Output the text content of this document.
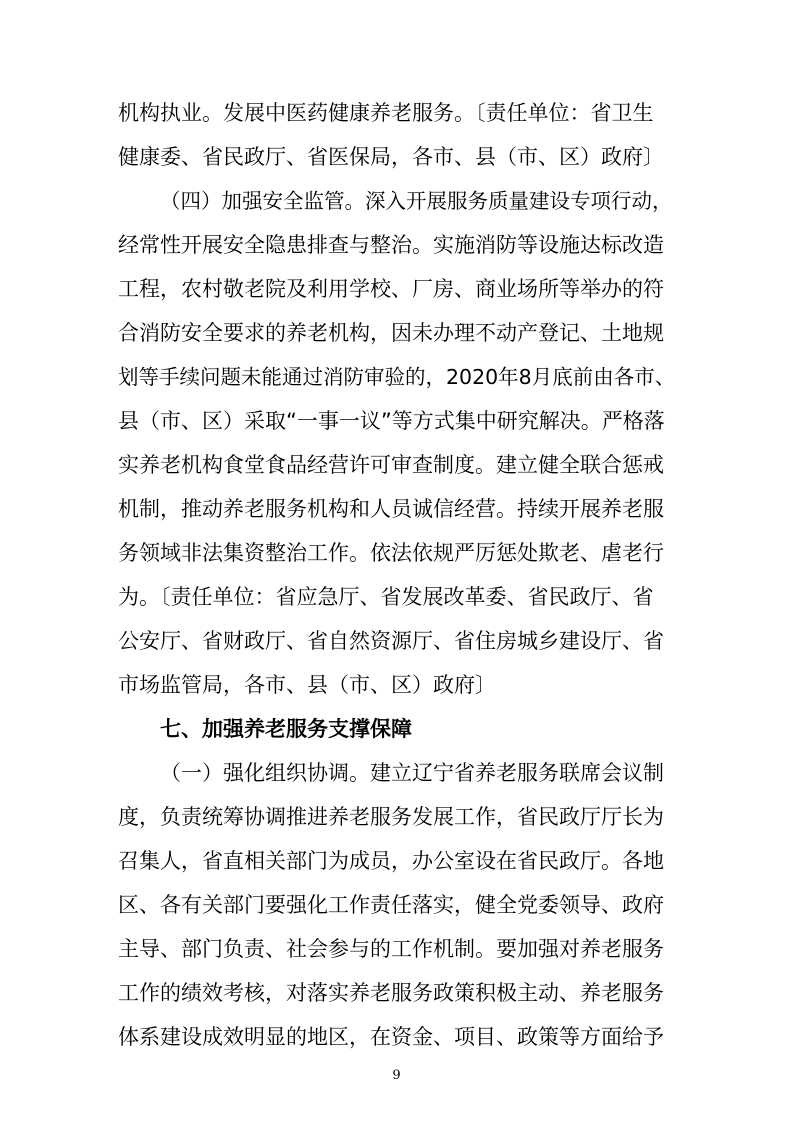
机构执业。发展中医药健康养老服务。〔责任单位：省卫生
健康委、省民政厅、省医保局，各市、县（市、区）政府〕
（四）加强安全监管。深入开展服务质量建设专项行动，
经常性开展安全隐患排查与整治。实施消防等设施达标改造
工程，农村敬老院及利用学校、厂房、商业场所等举办的符
合消防安全要求的养老机构，因未办理不动产登记、土地规
划等手续问题未能通过消防审验的，2020年8月底前由各市、
县（市、区）采取“一事一议”等方式集中研究解决。严格落
实养老机构食堂食品经营许可审查制度。建立健全联合惩戒
机制，推动养老服务机构和人员诚信经营。持续开展养老服
务领域非法集资整治工作。依法依规严厉惩处欺老、虐老行
为。〔责任单位：省应急厅、省发展改革委、省民政厅、省
公安厅、省财政厅、省自然资源厅、省住房城乡建设厅、省
市场监管局，各市、县（市、区）政府〕
七、加强养老服务支撑保障
（一）强化组织协调。建立辽宁省养老服务联席会议制
度，负责统筹协调推进养老服务发展工作，省民政厅厅长为
召集人，省直相关部门为成员，办公室设在省民政厅。各地
区、各有关部门要强化工作责任落实，健全党委领导、政府
主导、部门负责、社会参与的工作机制。要加强对养老服务
工作的绩效考核，对落实养老服务政策积极主动、养老服务
体系建设成效明显的地区，在资金、项目、政策等方面给予
9
